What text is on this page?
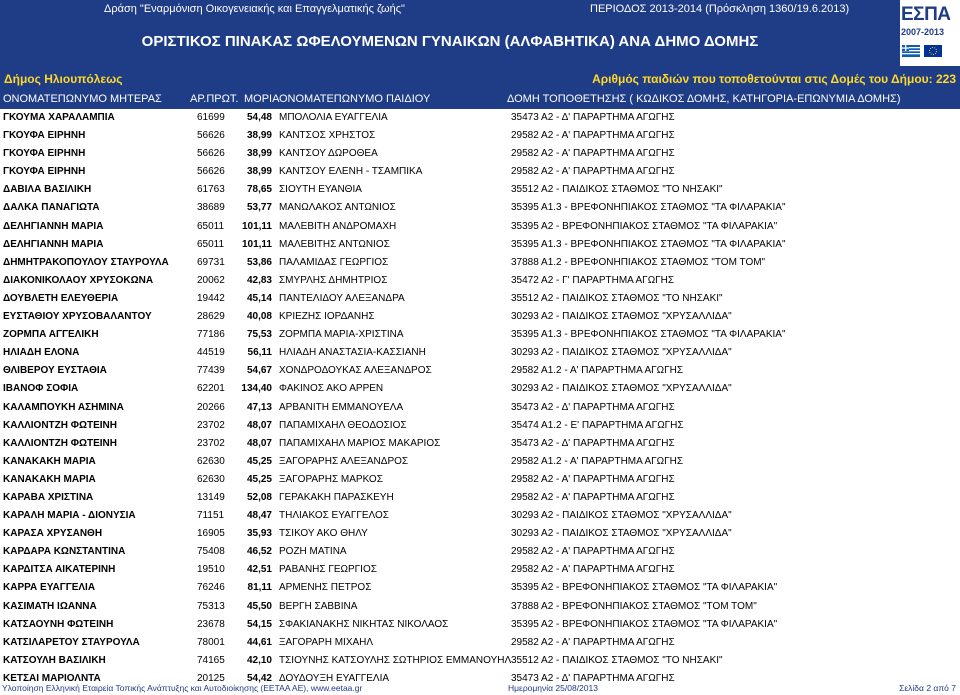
Δράση "Εναρμόνιση Οικογενειακής και Επαγγελματικής ζωής"	ΠΕΡΙΟΔΟΣ 2013-2014 (Πρόσκληση 1360/19.6.2013)
ΟΡΙΣΤΙΚΟΣ ΠΙΝΑΚΑΣ ΩΦΕΛΟΥΜΕΝΩΝ ΓΥΝΑΙΚΩΝ (ΑΛΦΑΒΗΤΙΚΑ) ΑΝΑ ΔΗΜΟ ΔΟΜΗΣ
Δήμος Ηλιουπόλεως	Αριθμός παιδιών που τοποθετούνται στις Δομές του Δήμου: 223
ΕΣΠΑ
2007-2013
ΟΝΟΜΑΤΕΠΩΝΥΜΟ ΜΗΤΕΡΑΣ	ΑΡ.ΠΡΩΤ. ΜΟΡΙΑ ΟΝΟΜΑΤΕΠΩΝΥΜΟ ΠΑΙΔΙΟΥ	ΔΟΜΗ ΤΟΠΟΘΕΤΗΣΗΣ ( ΚΩΔΙΚΟΣ ΔΟΜΗΣ, ΚΑΤΗΓΟΡΙΑ-ΕΠΩΝΥΜΙΑ ΔΟΜΗΣ)
ΓΚΟΥΜΑ ΧΑΡΑΛΑΜΠΙΑ	61699 54,48 ΜΠΟΛΟΛΙΑ ΕΥΑΓΓΕΛΙΑ	35473 Α2 - Δ' ΠΑΡΑΡΤΗΜΑ ΑΓΩΓΗΣ
ΓΚΟΥΦΑ ΕΙΡΗΝΗ	56626 38,99 ΚΑΝΤΣΟΣ ΧΡΗΣΤΟΣ	29582 Α2 - Α' ΠΑΡΑΡΤΗΜΑ ΑΓΩΓΗΣ
ΓΚΟΥΦΑ ΕΙΡΗΝΗ	56626 38,99 ΚΑΝΤΣΟΥ ΔΩΡΟΘΕΑ	29582 Α2 - Α' ΠΑΡΑΡΤΗΜΑ ΑΓΩΓΗΣ
ΓΚΟΥΦΑ ΕΙΡΗΝΗ	56626 38,99 ΚΑΝΤΣΟΥ ΕΛΕΝΗ - ΤΣΑΜΠΙΚΑ	29582 Α2 - Α' ΠΑΡΑΡΤΗΜΑ ΑΓΩΓΗΣ
ΔΑΒΙΛΑ ΒΑΣΙΛΙΚΗ	61763 78,65 ΣΙΟΥΤΗ ΕΥΑΝΘΙΑ	35512 Α2 - ΠΑΙΔΙΚΟΣ ΣΤΑΘΜΟΣ "ΤΟ ΝΗΣΑΚΙ"
ΔΑΛΚΑ ΠΑΝΑΓΙΩΤΑ	38689 53,77 ΜΑΝΩΛΑΚΟΣ ΑΝΤΩΝΙΟΣ	35395 Α1.3 - ΒΡΕΦΟΝΗΠΙΑΚΟΣ ΣΤΑΘΜΟΣ "ΤΑ ΦΙΛΑΡΑΚΙΑ"
ΔΕΛΗΓΙΑΝΝΗ ΜΑΡΙΑ	65011 101,11 ΜΑΛΕΒΙΤΗ ΑΝΔΡΟΜΑΧΗ	35395 Α2 - ΒΡΕΦΟΝΗΠΙΑΚΟΣ ΣΤΑΘΜΟΣ "ΤΑ ΦΙΛΑΡΑΚΙΑ"
ΔΕΛΗΓΙΑΝΝΗ ΜΑΡΙΑ	65011 101,11 ΜΑΛΕΒΙΤΗΣ ΑΝΤΩΝΙΟΣ	35395 Α1.3 - ΒΡΕΦΟΝΗΠΙΑΚΟΣ ΣΤΑΘΜΟΣ "ΤΑ ΦΙΛΑΡΑΚΙΑ"
ΔΗΜΗΤΡΑΚΟΠΟΥΛΟΥ ΣΤΑΥΡΟΥΛΑ	69731 53,86 ΠΑΛΑΜΙΔΑΣ ΓΕΩΡΓΙΟΣ	37888 Α1.2 - ΒΡΕΦΟΝΗΠΙΑΚΟΣ ΣΤΑΘΜΟΣ "ΤΟΜ ΤΟΜ"
ΔΙΑΚΟΝΙΚΟΛΑΟΥ ΧΡΥΣΟΚΩΝΑ	20062 42,83 ΣΜΥΡΛΗΣ ΔΗΜΗΤΡΙΟΣ	35472 Α2 - Γ' ΠΑΡΑΡΤΗΜΑ ΑΓΩΓΗΣ
ΔΟΥΒΛΕΤΗ ΕΛΕΥΘΕΡΙΑ	19442 45,14 ΠΑΝΤΕΛΙΔΟΥ ΑΛΕΞΑΝΔΡΑ	35512 Α2 - ΠΑΙΔΙΚΟΣ ΣΤΑΘΜΟΣ "ΤΟ ΝΗΣΑΚΙ"
ΕΥΣΤΑΘΙΟΥ ΧΡΥΣΟΒΑΛΑΝΤΟΥ	28629 40,08 ΚΡΙΕΖΗΣ ΙΟΡΔΑΝΗΣ	30293 Α2 - ΠΑΙΔΙΚΟΣ ΣΤΑΘΜΟΣ "ΧΡΥΣΑΛΛΙΔΑ"
ΖΟΡΜΠΑ ΑΓΓΕΛΙΚΗ	77186 75,53 ΖΟΡΜΠΑ ΜΑΡΙΑ-ΧΡΙΣΤΙΝΑ	35395 Α1.3 - ΒΡΕΦΟΝΗΠΙΑΚΟΣ ΣΤΑΘΜΟΣ "ΤΑ ΦΙΛΑΡΑΚΙΑ"
ΗΛΙΑΔΗ ΕΛΟΝΑ	44519 56,11 ΗΛΙΑΔΗ ΑΝΑΣΤΑΣΙΑ-ΚΑΣΣΙΑΝΗ	30293 Α2 - ΠΑΙΔΙΚΟΣ ΣΤΑΘΜΟΣ "ΧΡΥΣΑΛΛΙΔΑ"
ΘΛΙΒΕΡΟΥ ΕΥΣΤΑΘΙΑ	77439 54,67 ΧΟΝΔΡΟΔΟΥΚΑΣ ΑΛΕΞΑΝΔΡΟΣ	29582 Α1.2 - Α' ΠΑΡΑΡΤΗΜΑ ΑΓΩΓΗΣ
ΙΒΑΝΟΦ ΣΟΦΙΑ	62201 134,40 ΦΑΚΙΝΟΣ ΑΚΟ ΑΡΡΕΝ	30293 Α2 - ΠΑΙΔΙΚΟΣ ΣΤΑΘΜΟΣ "ΧΡΥΣΑΛΛΙΔΑ"
ΚΑΛΑΜΠΟΥΚΗ ΑΣΗΜΙΝΑ	20266 47,13 ΑΡΒΑΝΙΤΗ ΕΜΜΑΝΟΥΕΛΑ	35473 Α2 - Δ' ΠΑΡΑΡΤΗΜΑ ΑΓΩΓΗΣ
ΚΑΛΛΙΟΝΤΖΗ ΦΩΤΕΙΝΗ	23702 48,07 ΠΑΠΑΜΙΧΑΗΛ ΘΕΟΔΟΣΙΟΣ	35474 Α1.2 - Ε' ΠΑΡΑΡΤΗΜΑ ΑΓΩΓΗΣ
ΚΑΛΛΙΟΝΤΖΗ ΦΩΤΕΙΝΗ	23702 48,07 ΠΑΠΑΜΙΧΑΗΛ ΜΑΡΙΟΣ ΜΑΚΑΡΙΟΣ	35473 Α2 - Δ' ΠΑΡΑΡΤΗΜΑ ΑΓΩΓΗΣ
ΚΑΝΑΚΑΚΗ ΜΑΡΙΑ	62630 45,25 ΞΑΓΟΡΑΡΗΣ ΑΛΕΞΑΝΔΡΟΣ	29582 Α1.2 - Α' ΠΑΡΑΡΤΗΜΑ ΑΓΩΓΗΣ
ΚΑΝΑΚΑΚΗ ΜΑΡΙΑ	62630 45,25 ΞΑΓΟΡΑΡΗΣ ΜΑΡΚΟΣ	29582 Α2 - Α' ΠΑΡΑΡΤΗΜΑ ΑΓΩΓΗΣ
ΚΑΡΑΒΑ ΧΡΙΣΤΙΝΑ	13149 52,08 ΓΕΡΑΚΑΚΗ ΠΑΡΑΣΚΕΥΗ	29582 Α2 - Α' ΠΑΡΑΡΤΗΜΑ ΑΓΩΓΗΣ
ΚΑΡΑΛΗ ΜΑΡΙΑ - ΔΙΟΝΥΣΙΑ	71151 48,47 ΤΗΛΙΑΚΟΣ ΕΥΑΓΓΕΛΟΣ	30293 Α2 - ΠΑΙΔΙΚΟΣ ΣΤΑΘΜΟΣ "ΧΡΥΣΑΛΛΙΔΑ"
ΚΑΡΑΣΑ ΧΡΥΣΑΝΘΗ	16905 35,93 ΤΣΙΚΟΥ ΑΚΟ ΘΗΛΥ	30293 Α2 - ΠΑΙΔΙΚΟΣ ΣΤΑΘΜΟΣ "ΧΡΥΣΑΛΛΙΔΑ"
ΚΑΡΔΑΡΑ ΚΩΝΣΤΑΝΤΙΝΑ	75408 46,52 ΡΟΖΗ ΜΑΤΙΝΑ	29582 Α2 - Α' ΠΑΡΑΡΤΗΜΑ ΑΓΩΓΗΣ
ΚΑΡΔΙΤΣΑ ΑΙΚΑΤΕΡΙΝΗ	19510 42,51 ΡΑΒΑΝΗΣ ΓΕΩΡΓΙΟΣ	29582 Α2 - Α' ΠΑΡΑΡΤΗΜΑ ΑΓΩΓΗΣ
ΚΑΡΡΑ ΕΥΑΓΓΕΛΙΑ	76246 81,11 ΑΡΜΕΝΗΣ ΠΕΤΡΟΣ	35395 Α2 - ΒΡΕΦΟΝΗΠΙΑΚΟΣ ΣΤΑΘΜΟΣ "ΤΑ ΦΙΛΑΡΑΚΙΑ"
ΚΑΣΙΜΑΤΗ ΙΩΑΝΝΑ	75313 45,50 ΒΕΡΓΗ ΣΑΒΒΙΝΑ	37888 Α2 - ΒΡΕΦΟΝΗΠΙΑΚΟΣ ΣΤΑΘΜΟΣ "ΤΟΜ ΤΟΜ"
ΚΑΤΣΑΟΥΝΗ ΦΩΤΕΙΝΗ	23678 54,15 ΣΦΑΚΙΑΝΑΚΗΣ ΝΙΚΗΤΑΣ ΝΙΚΟΛΑΟΣ	35395 Α2 - ΒΡΕΦΟΝΗΠΙΑΚΟΣ ΣΤΑΘΜΟΣ "ΤΑ ΦΙΛΑΡΑΚΙΑ"
ΚΑΤΣΙΛΑΡΕΤΟΥ ΣΤΑΥΡΟΥΛΑ	78001 44,61 ΞΑΓΟΡΑΡΗ ΜΙΧΑΗΛ	29582 Α2 - Α' ΠΑΡΑΡΤΗΜΑ ΑΓΩΓΗΣ
ΚΑΤΣΟΥΛΗ ΒΑΣΙΛΙΚΗ	74165 42,10 ΤΣΙΟΥΝΗΣ ΚΑΤΣΟΥΛΗΣ ΣΩΤΗΡΙΟΣ ΕΜΜΑΝΟΥΗΛ 35512 Α2 - ΠΑΙΔΙΚΟΣ ΣΤΑΘΜΟΣ "ΤΟ ΝΗΣΑΚΙ"
ΚΕΤΣΑΙ ΜΑΡΙΟΛΝΤΑ	20125 54,42 ΔΟΥΔΟΥΞΗ ΕΥΑΓΓΕΛΙΑ	35473 Α2 - Δ' ΠΑΡΑΡΤΗΜΑ ΑΓΩΓΗΣ
Υλοποίηση Ελληνική Εταιρεία Τοπικής Ανάπτυξης και Αυτοδιοίκησης (ΕΕΤΑΑ ΑΕ), www.eetaa.gr	Ημερομηνία 25/08/2013	Σελίδα 2 από 7
